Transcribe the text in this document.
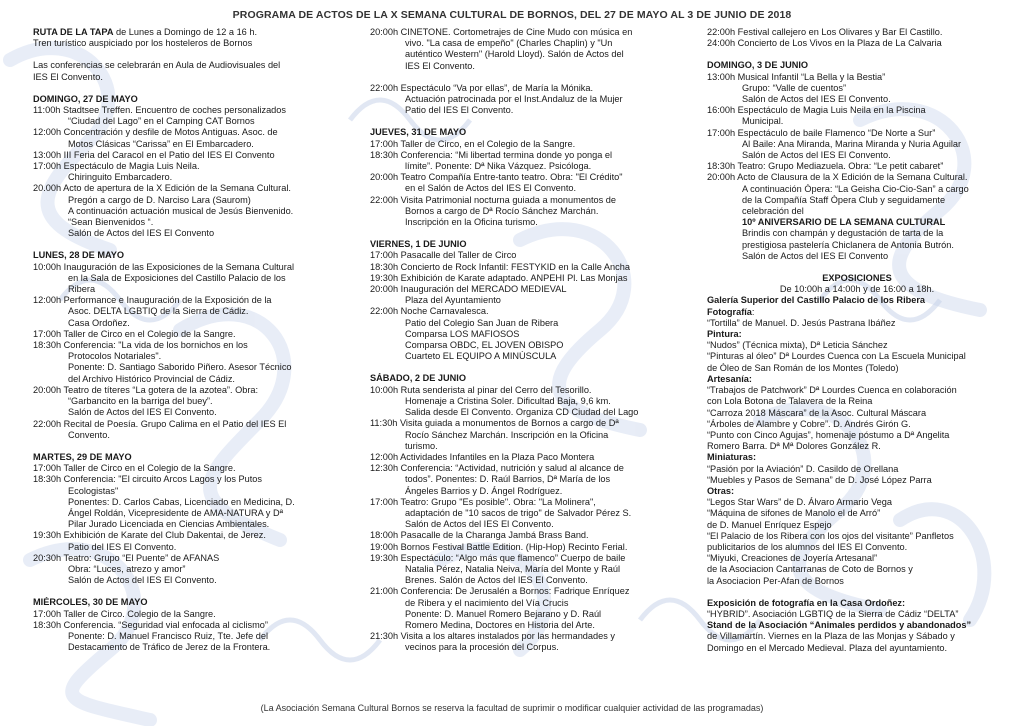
PROGRAMA DE ACTOS DE LA X SEMANA CULTURAL DE BORNOS, DEL 27 DE MAYO AL 3 DE JUNIO DE 2018
RUTA DE LA TAPA de Lunes a Domingo de 12 a 16 h.
Tren turístico auspiciado por los hosteleros de Bornos
Las conferencias se celebrarán en Aula de Audiovisuales del
IES El Convento.
DOMINGO, 27 DE MAYO
11:00h Stadtsee Treffen. Encuentro de coches personalizados
“Ciudad del Lago” en el Camping CAT Bornos
12:00h Concentración y desfile de Motos Antiguas. Asoc. de
Motos Clásicas “Carissa” en El Embarcadero.
13:00h III Feria del Caracol en el Patio del IES El Convento
17:00h Espectáculo de Magia Luis Neila.
Chiringuito Embarcadero.
20.00h Acto de apertura de la X Edición de la Semana Cultural.
Pregón a cargo de D. Narciso Lara (Saurom)
A continuación actuación musical de Jesús Bienvenido.
“Sean Bienvenidos “.
Salón de Actos del IES El Convento
LUNES, 28 DE MAYO
10:00h Inauguración de las Exposiciones de la Semana Cultural
en la Sala de Exposiciones del Castillo Palacio de los
Ribera
12:00h Performance e Inauguración de la Exposición de la
Asoc. DELTA LGBTIQ de la Sierra de Cádiz.
Casa Ordoñez.
17:00h Taller de Circo en el Colegio de la Sangre.
18:30h Conferencia: "La vida de los bornichos en los
Protocolos Notariales".
Ponente: D. Santiago Saborido Piñero. Asesor Técnico
del Archivo Histórico Provincial de Cádiz.
20:00h Teatro de títeres “La gotera de la azotea”. Obra:
“Garbancito en la barriga del buey”.
Salón de Actos del IES El Convento.
22:00h Recital de Poesía. Grupo Calima en el Patio del IES El
Convento.
MARTES, 29 DE MAYO
17:00h Taller de Circo en el Colegio de la Sangre.
18:30h Conferencia: "El circuito Arcos Lagos y los Putos
Ecologistas"
Ponentes: D. Carlos Cabas, Licenciado en Medicina, D.
Ángel Roldán, Vicepresidente de AMA-NATURA y Dª
Pilar Jurado Licenciada en Ciencias Ambientales.
19:30h Exhibición de Karate del Club Dakentai, de Jerez.
Patio del IES El Convento.
20:30h Teatro: Grupo “El Puente” de AFANAS
Obra: “Luces, atrezo y amor”
Salón de Actos del IES El Convento.
MIÉRCOLES, 30 DE MAYO
17:00h Taller de Circo. Colegio de la Sangre.
18:30h Conferencia. “Seguridad vial enfocada al ciclismo”
Ponente: D. Manuel Francisco Ruiz, Tte. Jefe del
Destacamento de Tráfico de Jerez de la Frontera.
20:00h CINETONE. Cortometrajes de Cine Mudo con música en
vivo. "La casa de empeño" (Charles Chaplin) y "Un
auténtico Western" (Harold Lloyd). Salón de Actos del
IES El Convento.
22:00h Espectáculo “Va por ellas”, de María la Mónika.
Actuación patrocinada por el Inst.Andaluz de la Mujer
Patio del IES El Convento.
JUEVES, 31 DE MAYO
17:00h Taller de Circo, en el Colegio de la Sangre.
18:30h Conferencia: “Mi libertad termina donde yo ponga el
límite”. Ponente: Dª Nika Vázquez. Psicóloga.
20:00h Teatro Compañía Entre-tanto teatro. Obra: "El Crédito"
en el Salón de Actos del IES El Convento.
22:00h Visita Patrimonial nocturna guiada a monumentos de
Bornos a cargo de Dª Rocío Sánchez Marchán.
Inscripción en la Oficina turismo.
VIERNES, 1 DE JUNIO
17:00h Pasacalle del Taller de Circo
18:30h Concierto de Rock Infantil: FESTYKID en la Calle Ancha
19:30h Exhibición de Karate adaptado. ANPEHI Pl. Las Monjas
20:00h Inauguración del MERCADO MEDIEVAL
Plaza del Ayuntamiento
22:00h Noche Carnavalesca.
Patio del Colegio San Juan de Ribera
Comparsa LOS MAFIOSOS
Comparsa OBDC, EL JOVEN OBISPO
Cuarteto EL EQUIPO A MINÚSCULA
SÁBADO, 2 DE JUNIO
10:00h Ruta senderista al pinar del Cerro del Tesorillo.
Homenaje a Cristina Soler. Dificultad Baja, 9,6 km.
Salida desde El Convento. Organiza CD Ciudad del Lago
11:30h Visita guiada a monumentos de Bornos a cargo de Dª
Rocío Sánchez Marchán. Inscripción en la Oficina
turismo.
12:00h Actividades Infantiles en la Plaza Paco Montera
12:30h Conferencia: “Actividad, nutrición y salud al alcance de
todos”. Ponentes: D. Raúl Barrios, Dª María de los
Ángeles Barrios y D. Ángel Rodríguez.
17:00h Teatro: Grupo "Es posible". Obra: "La Molinera",
adaptación de "10 sacos de trigo" de Salvador Pérez S.
Salón de Actos del IES El Convento.
18:00h Pasacalle de la Charanga Jambá Brass Band.
19:00h Bornos Festival Battle Edition. (Hip-Hop) Recinto Ferial.
19:30h Espectáculo: “Algo más que flamenco” Cuerpo de baile
Natalia Pérez, Natalia Neiva, María del Monte y Raúl
Brenes. Salón de Actos del IES El Convento.
21:00h Conferencia: De Jerusalén a Bornos: Fadrique Enríquez
de Ribera y el nacimiento del Vía Crucis
Ponente: D. Manuel Romero Bejarano y D. Raúl
Romero Medina, Doctores en Historia del Arte.
21:30h Visita a los altares instalados por las hermandades y
vecinos para la procesión del Corpus.
22:00h Festival callejero en Los Olivares y Bar El Castillo.
24:00h Concierto de Los Vivos en la Plaza de La Calvaria
DOMINGO, 3 DE JUNIO
13:00h Musical Infantil “La Bella y la Bestia”
Grupo: “Valle de cuentos”
Salón de Actos del IES El Convento.
16:00h Espectáculo de Magia Luis Neila en la Piscina
Municipal.
17:00h Espectáculo de baile Flamenco “De Norte a Sur”
Al Baile: Ana Miranda, Marina Miranda y Nuria Aguilar
Salón de Actos del IES El Convento.
18:30h Teatro: Grupo Mediazuela. Obra: “Le petit cabaret”
20:00h Acto de Clausura de la X Edición de la Semana Cultural.
A continuación Ópera: “La Geisha Cio-Cio-San” a cargo
de la Compañía Staff Ópera Club y seguidamente
celebración del
10º ANIVERSARIO DE LA SEMANA CULTURAL
Brindis con champán y degustación de tarta de la
prestigiosa pastelería Chiclanera de Antonia Butrón.
Salón de Actos del IES El Convento
EXPOSICIONES
De 10:00h a 14:00h y de 16:00 a 18h.
Galería Superior del Castillo Palacio de los Ribera
Fotografía:
“Tortilla” de Manuel. D. Jesús Pastrana Ibáñez
Pintura:
“Nudos” (Técnica mixta), Dª Leticia Sánchez
“Pinturas al óleo” Dª Lourdes Cuenca con La Escuela Municipal
de Óleo de San Román de los Montes (Toledo)
Artesanía:
“Trabajos de Patchwork” Dª Lourdes Cuenca en colaboración
con Lola Botona de Talavera de la Reina
“Carroza 2018 Máscara” de la Asoc. Cultural Máscara
“Árboles de Alambre y Cobre”. D. Andrés Girón G.
“Punto con Cinco Agujas”, homenaje póstumo a Dª Angelita
Romero Barra. Dª Mª Dolores González R.
Miniaturas:
“Pasión por la Aviación” D. Casildo de Orellana
“Muebles y Pasos de Semana” de D. José López Parra
Otras:
“Legos Star Wars” de D. Álvaro Armario Vega
“Máquina de sifones de Manolo el de Arró”
de D. Manuel Enríquez Espejo
“El Palacio de los Ribera con los ojos del visitante” Panfletos
publicitarios de los alumnos del IES El Convento.
“Miyuki, Creaciones de Joyería Artesanal”
de la Asociacion Cantarranas de Coto de Bornos y
la Asociacion Per-Afan de Bornos
Exposición de fotografía en la Casa Ordoñez:
“HYBRID”. Asociación LGBTIQ de la Sierra de Cádiz “DELTA”
Stand de la Asociación “Animales perdidos y abandonados”
de Villamartín. Viernes en la Plaza de las Monjas y Sábado y
Domingo en el Mercado Medieval. Plaza del ayuntamiento.
(La Asociación Semana Cultural Bornos se reserva la facultad de suprimir o modificar cualquier actividad de las programadas)
